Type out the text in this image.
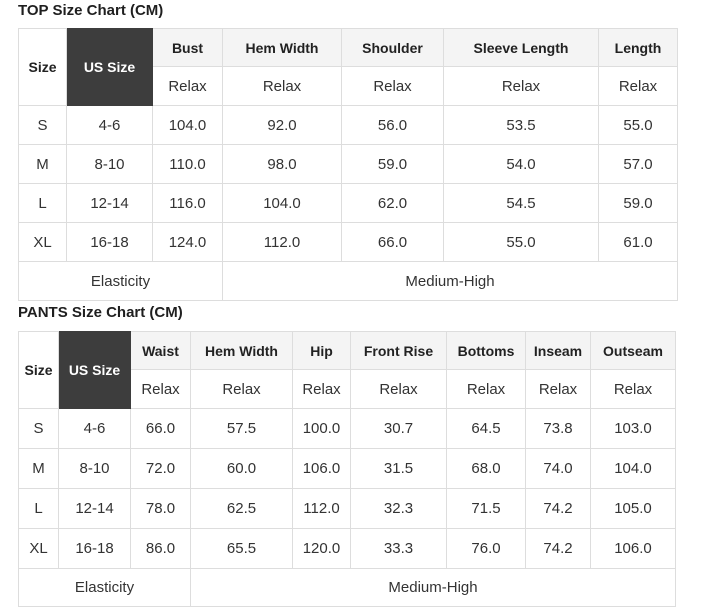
TOP Size Chart (CM)
Size	US Size	Bust	Hem Width	Shoulder	Sleeve Length	Length
		Relax	Relax	Relax	Relax	Relax
S	4-6	104.0	92.0	56.0	53.5	55.0
M	8-10	110.0	98.0	59.0	54.0	57.0
L	12-14	116.0	104.0	62.0	54.5	59.0
XL	16-18	124.0	112.0	66.0	55.0	61.0
Elasticity			Medium-High			
PANTS Size Chart (CM)
Size	US Size	Waist	Hem Width	Hip	Front Rise	Bottoms	Inseam	Outseam
		Relax	Relax	Relax	Relax	Relax	Relax	Relax
S	4-6	66.0	57.5	100.0	30.7	64.5	73.8	103.0
M	8-10	72.0	60.0	106.0	31.5	68.0	74.0	104.0
L	12-14	78.0	62.5	112.0	32.3	71.5	74.2	105.0
XL	16-18	86.0	65.5	120.0	33.3	76.0	74.2	106.0
Elasticity			Medium-High					
